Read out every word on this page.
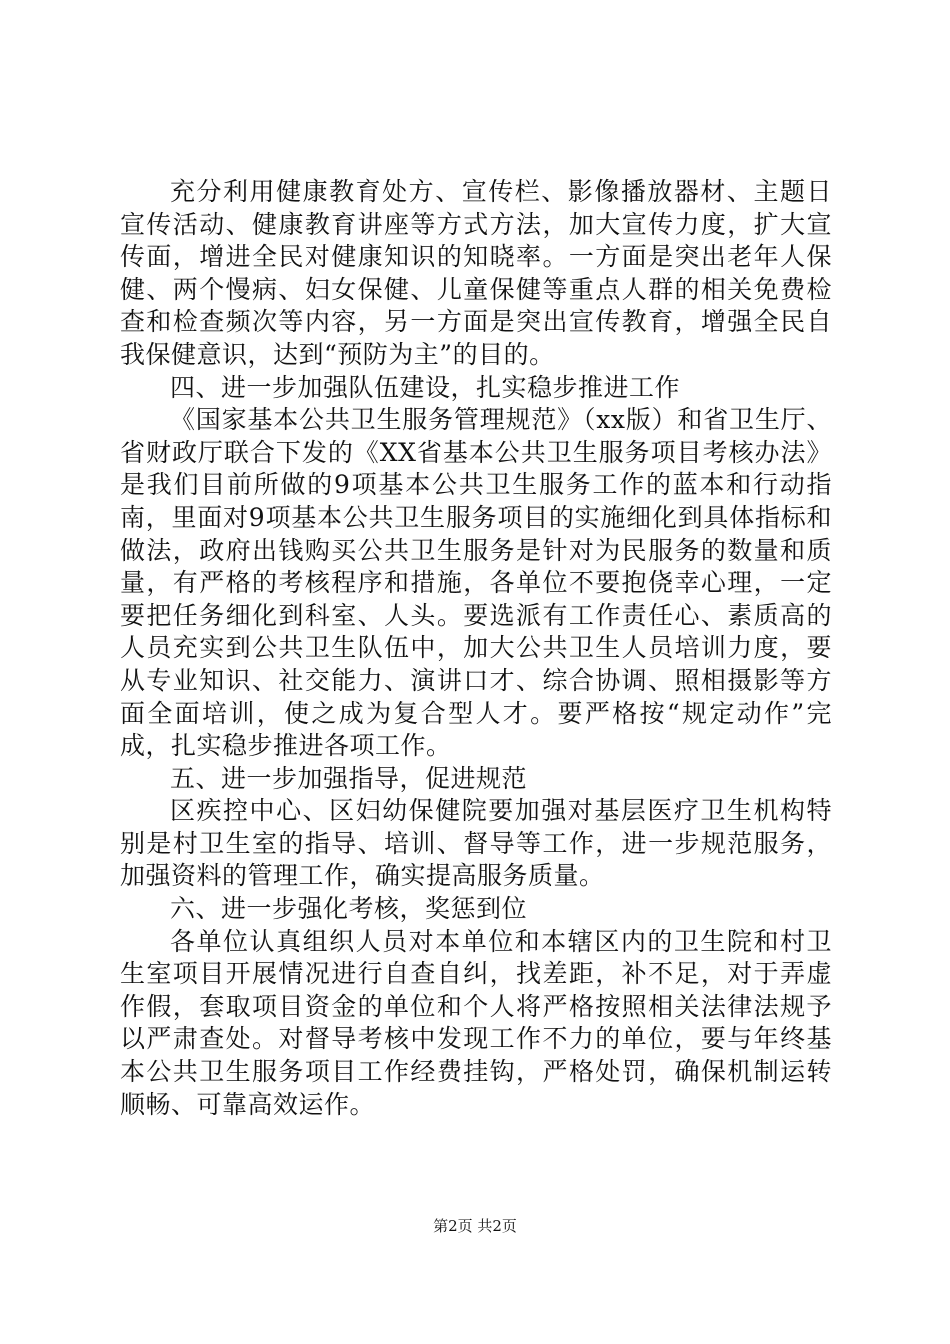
充分利用健康教育处方、宣传栏、影像播放器材、主题日宣传活动、健康教育讲座等方式方法，加大宣传力度，扩大宣传面，增进全民对健康知识的知晓率。一方面是突出老年人保健、两个慢病、妇女保健、儿童保健等重点人群的相关免费检查和检查频次等内容，另一方面是突出宣传教育，增强全民自我保健意识，达到“预防为主”的目的。

四、进一步加强队伍建设，扎实稳步推进工作

《国家基本公共卫生服务管理规范》（xx版）和省卫生厅、省财政厅联合下发的《XX省基本公共卫生服务项目考核办法》是我们目前所做的9项基本公共卫生服务工作的蓝本和行动指南，里面对9项基本公共卫生服务项目的实施细化到具体指标和做法，政府出钱购买公共卫生服务是针对为民服务的数量和质量，有严格的考核程序和措施，各单位不要抱侥幸心理，一定要把任务细化到科室、人头。要选派有工作责任心、素质高的人员充实到公共卫生队伍中，加大公共卫生人员培训力度，要从专业知识、社交能力、演讲口才、综合协调、照相摄影等方面全面培训，使之成为复合型人才。要严格按“规定动作”完成，扎实稳步推进各项工作。

五、进一步加强指导，促进规范

区疾控中心、区妇幼保健院要加强对基层医疗卫生机构特别是村卫生室的指导、培训、督导等工作，进一步规范服务，加强资料的管理工作，确实提高服务质量。

六、进一步强化考核，奖惩到位

各单位认真组织人员对本单位和本辖区内的卫生院和村卫生室项目开展情况进行自查自纠，找差距，补不足，对于弄虚作假，套取项目资金的单位和个人将严格按照相关法律法规予以严肃查处。对督导考核中发现工作不力的单位，要与年终基本公共卫生服务项目工作经费挂钩，严格处罚，确保机制运转顺畅、可靠高效运作。

第2页 共2页
